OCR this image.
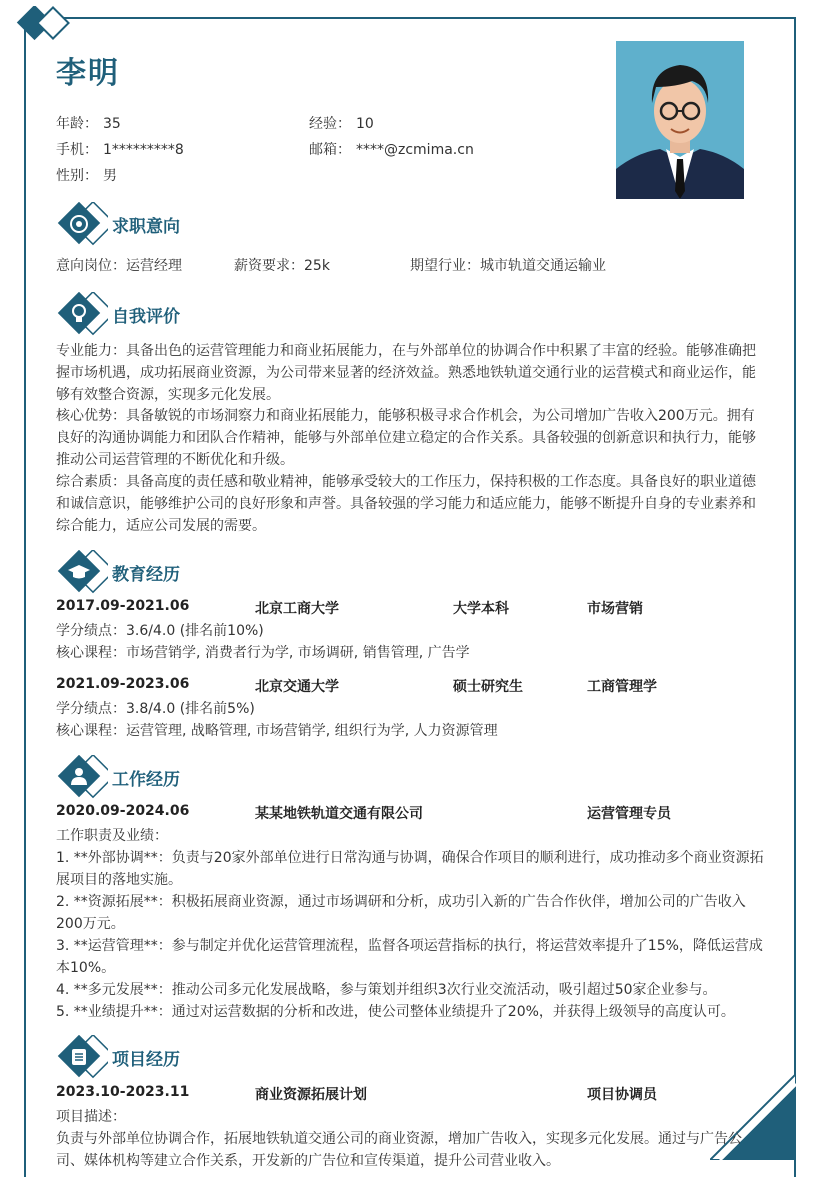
李明
年龄： 35	经验： 10
手机： 1*********8	邮箱： ****@zcmima.cn
性别： 男
求职意向
意向岗位：运营经理	薪资要求：25k	期望行业：城市轨道交通运输业
自我评价
专业能力：具备出色的运营管理能力和商业拓展能力，在与外部单位的协调合作中积累了丰富的经验。能够准确把握市场机遇，成功拓展商业资源，为公司带来显著的经济效益。熟悉地铁轨道交通行业的运营模式和商业运作，能够有效整合资源，实现多元化发展。
核心优势：具备敏锐的市场洞察力和商业拓展能力，能够积极寻求合作机会，为公司增加广告收入200万元。拥有良好的沟通协调能力和团队合作精神，能够与外部单位建立稳定的合作关系。具备较强的创新意识和执行力，能够推动公司运营管理的不断优化和升级。
综合素质：具备高度的责任感和敬业精神，能够承受较大的工作压力，保持积极的工作态度。具备良好的职业道德和诚信意识，能够维护公司的良好形象和声誉。具备较强的学习能力和适应能力，能够不断提升自身的专业素养和综合能力，适应公司发展的需要。
教育经历
2017.09-2021.06	北京工商大学	大学本科	市场营销
学分绩点：3.6/4.0 (排名前10%)
核心课程：市场营销学, 消费者行为学, 市场调研, 销售管理, 广告学
2021.09-2023.06	北京交通大学	硕士研究生	工商管理学
学分绩点：3.8/4.0 (排名前5%)
核心课程：运营管理, 战略管理, 市场营销学, 组织行为学, 人力资源管理
工作经历
2020.09-2024.06	某某地铁轨道交通有限公司	运营管理专员
工作职责及业绩：
1. **外部协调**：负责与20家外部单位进行日常沟通与协调，确保合作项目的顺利进行，成功推动多个商业资源拓展项目的落地实施。
2. **资源拓展**：积极拓展商业资源，通过市场调研和分析，成功引入新的广告合作伙伴，增加公司的广告收入200万元。
3. **运营管理**：参与制定并优化运营管理流程，监督各项运营指标的执行，将运营效率提升了15%，降低运营成本10%。
4. **多元发展**：推动公司多元化发展战略，参与策划并组织3次行业交流活动，吸引超过50家企业参与。
5. **业绩提升**：通过对运营数据的分析和改进，使公司整体业绩提升了20%，并获得上级领导的高度认可。
项目经历
2023.10-2023.11	商业资源拓展计划	项目协调员
项目描述：
负责与外部单位协调合作，拓展地铁轨道交通公司的商业资源，增加广告收入，实现多元化发展。通过与广告公司、媒体机构等建立合作关系，开发新的广告位和宣传渠道，提升公司营业收入。
